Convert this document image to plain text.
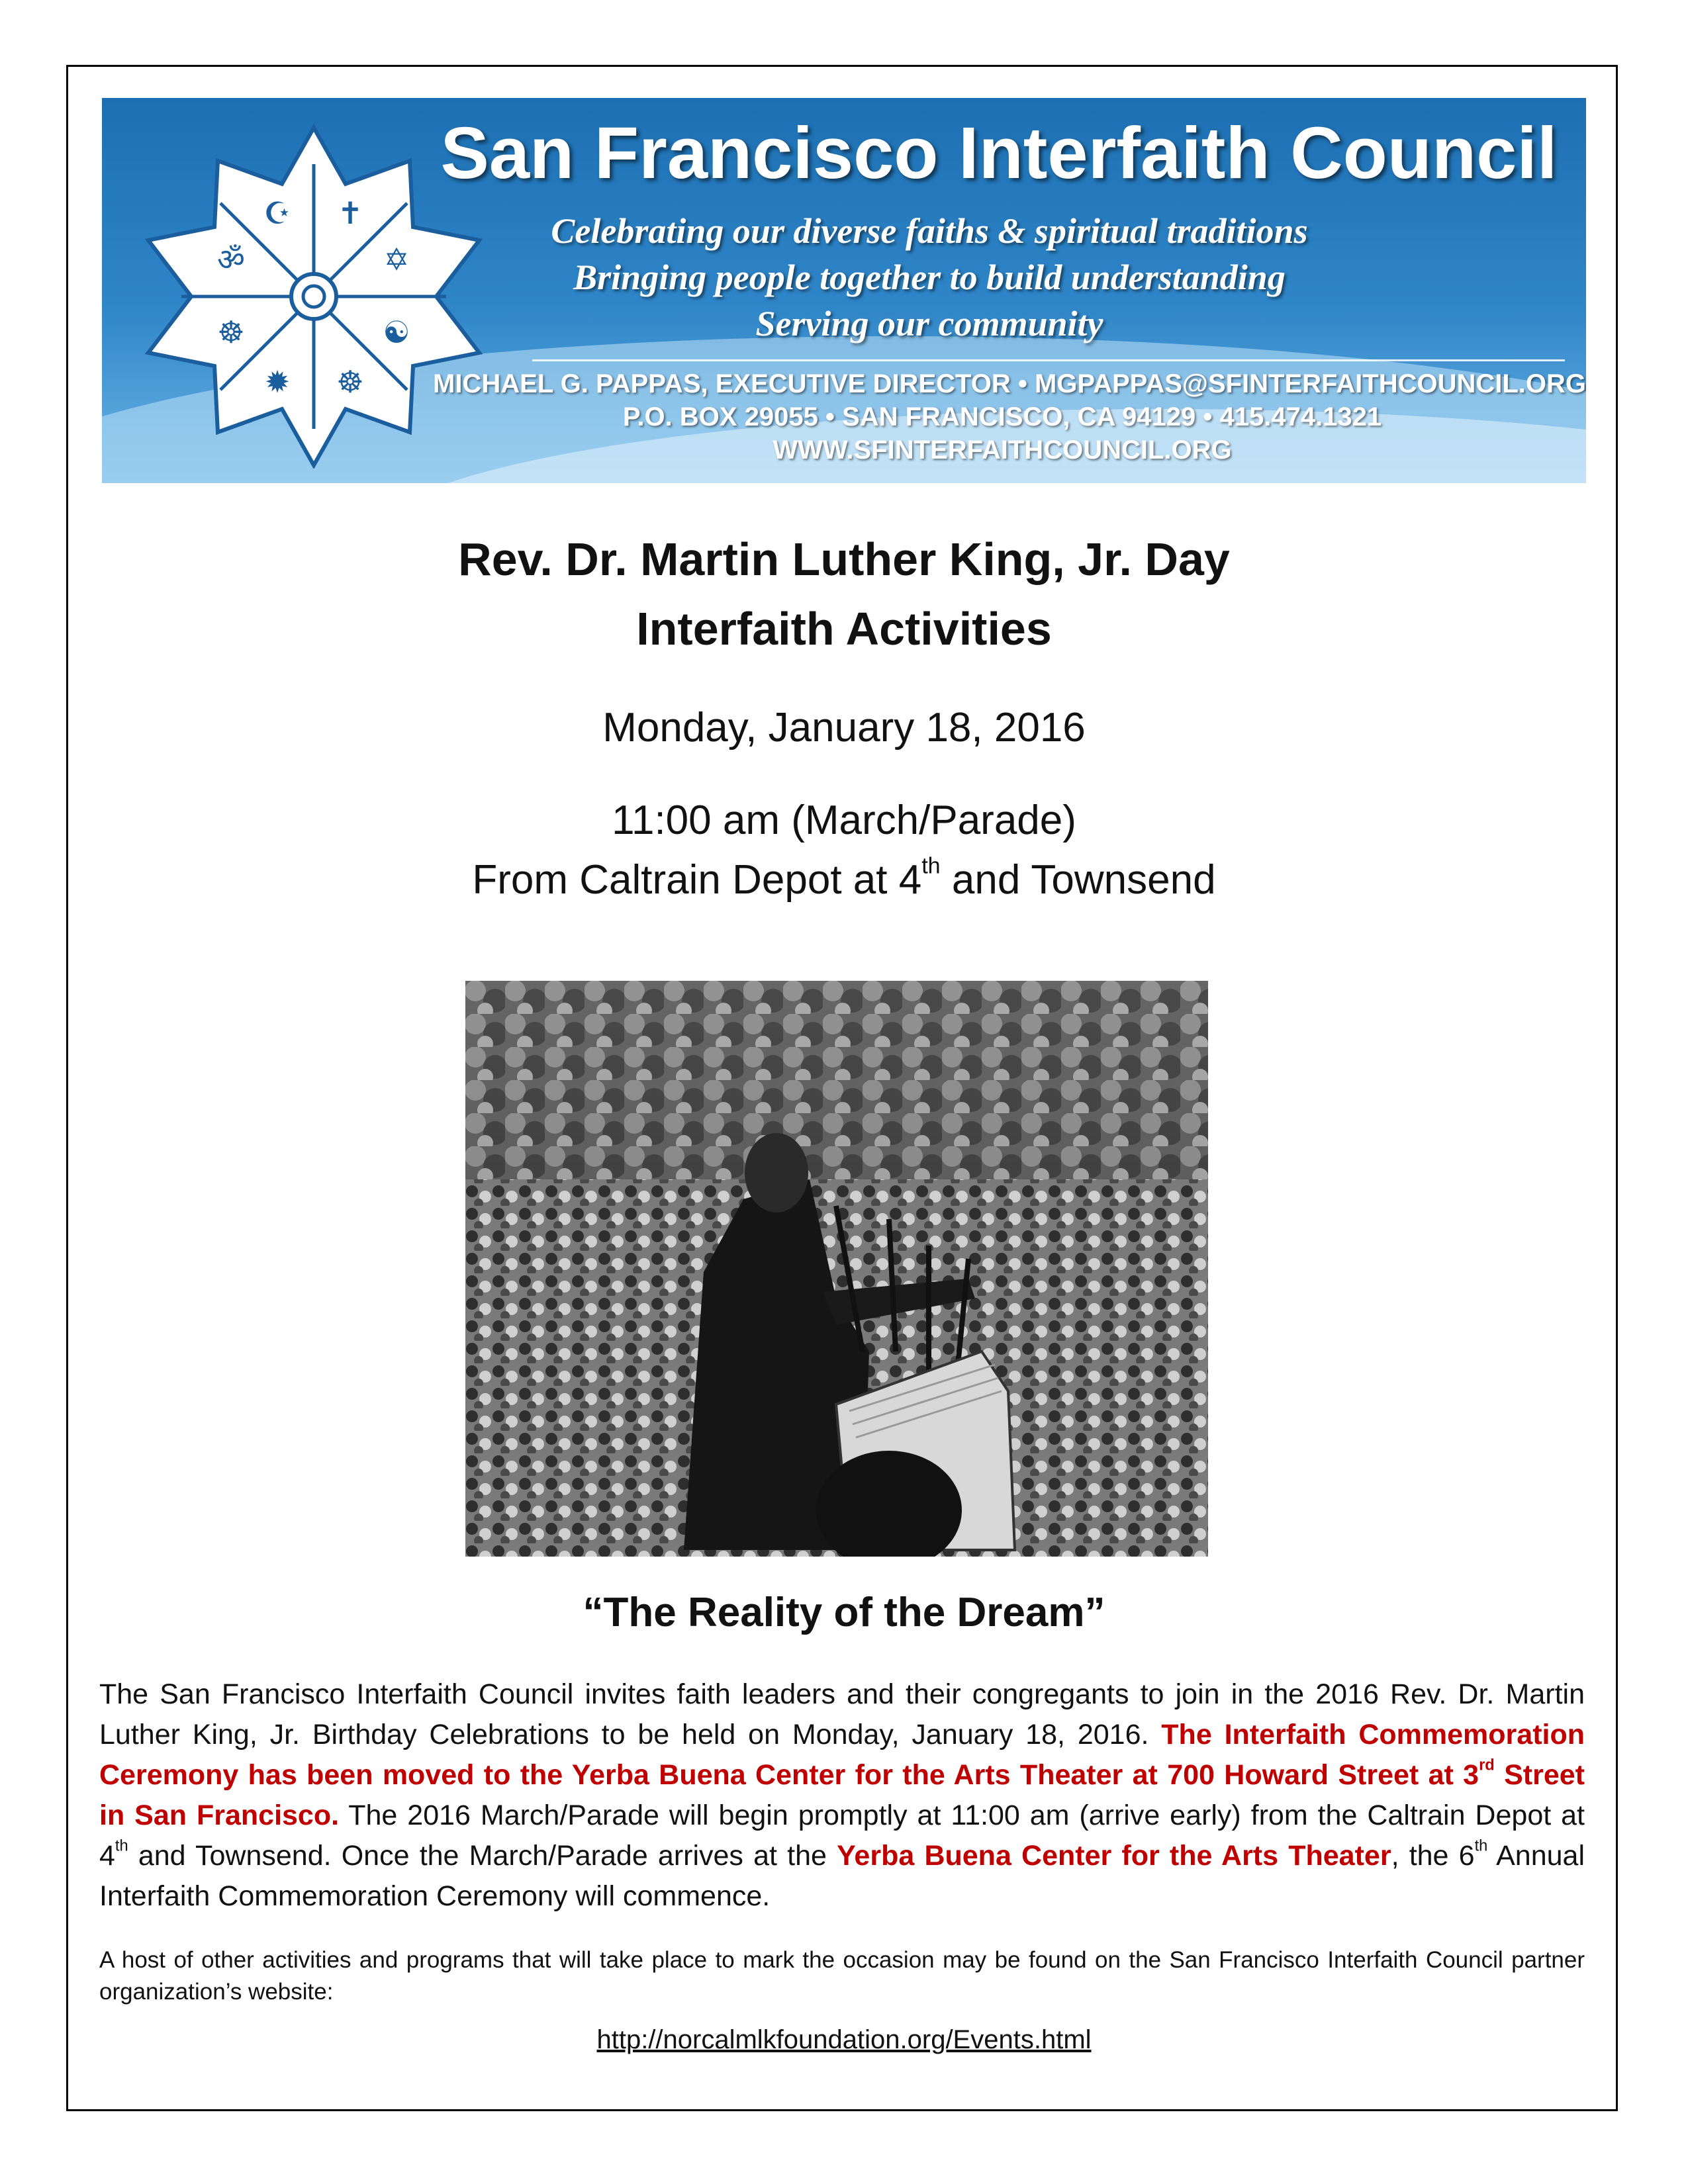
☪ ✝
ॐ	✡
☸	☯
✹ ☸
San Francisco Interfaith Council
Celebrating our diverse faiths & spiritual traditions
Bringing people together to build understanding
Serving our community
MICHAEL G. PAPPAS, EXECUTIVE DIRECTOR • MGPAPPAS@SFINTERFAITHCOUNCIL.ORG
P.O. BOX 29055 • SAN FRANCISCO, CA 94129 • 415.474.1321
WWW.SFINTERFAITHCOUNCIL.ORG
Rev. Dr. Martin Luther King, Jr. Day
Interfaith Activities
Monday, January 18, 2016
11:00 am (March/Parade)
From Caltrain Depot at 4th and Townsend
“The Reality of the Dream”
The San Francisco Interfaith Council invites faith leaders and their congregants to join in the 2016 Rev. Dr. Martin Luther King, Jr. Birthday Celebrations to be held on Monday, January 18, 2016. The Interfaith Commemoration Ceremony has been moved to the Yerba Buena Center for the Arts Theater at 700 Howard Street at 3rd Street in San Francisco. The 2016 March/Parade will begin promptly at 11:00 am (arrive early) from the Caltrain Depot at 4th and Townsend. Once the March/Parade arrives at the Yerba Buena Center for the Arts Theater, the 6th Annual Interfaith Commemoration Ceremony will commence.
A host of other activities and programs that will take place to mark the occasion may be found on the San Francisco Interfaith Council partner organization’s website:
http://norcalmlkfoundation.org/Events.html
